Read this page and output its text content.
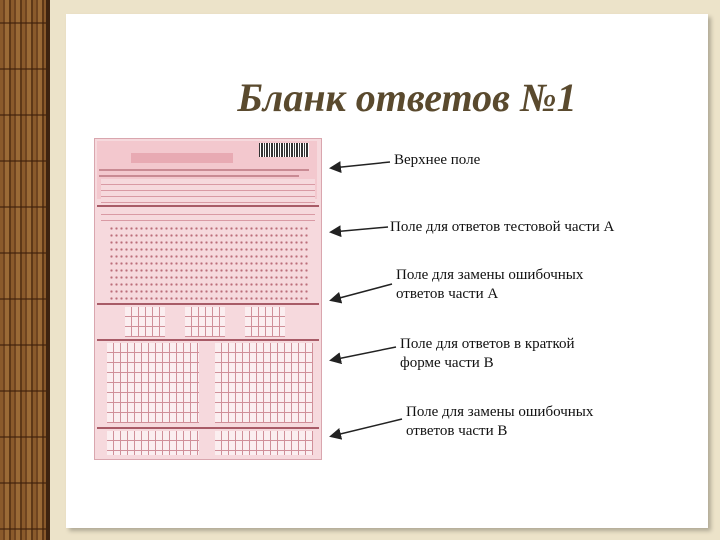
Бланк ответов №1

Верхнее поле

Поле для ответов тестовой части А

Поле для замены ошибочных
ответов части А
Поле для ответов в краткой
форме части В
Поле для замены ошибочных
ответов части В
